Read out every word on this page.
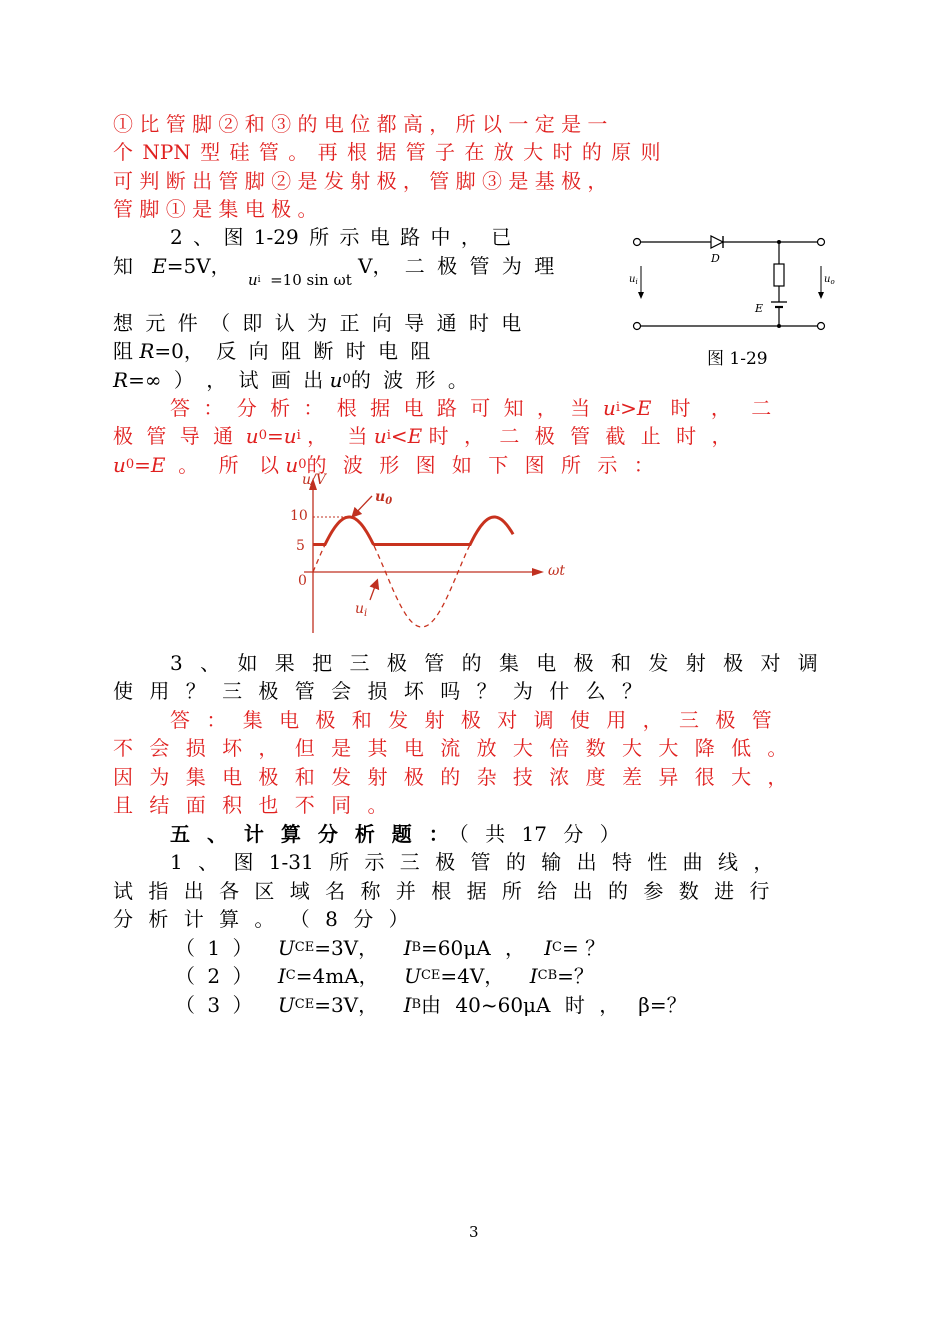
① 比 管 脚 ② 和 ③ 的 电 位 都 高 ， 所 以 一 定 是 一
个 NPN 型 硅 管 。 再 根 据 管 子 在 放 大 时 的 原 则
可 判 断 出 管 脚 ② 是 发 射 极 ， 管 脚 ③ 是 基 极 ，
管 脚 ① 是 集 电 极 。
2 、 图 1-29 所 示 电 路 中 ， 已
知
E =5V，
u i
=10 sin ωt
V， 二 极 管 为 理
想 元 件 （ 即 认 为 正 向 导 通 时 电
阻
R =0， 反 向 阻 断 时 电 阻
R =∞ ） ， 试 画 出
u 0 的 波 形 。
D
E
$u_i$	$u_o$
图 1-29
答 ： 分 析 ： 根 据 电 路 可 知 ， 当
u i >E
时 ， 二
极 管 导 通
u 0 =u i
， 当
u i <E
时 ， 二 极 管 截 止 时 ，
u 0 =E
。 所 以
u 0 的 波 形 图 如 下 图 所 示 ：
u/V
ωt
10
5
0
$u_0$
$u_i$
3 、 如 果 把 三 极 管 的 集 电 极 和 发 射 极 对 调
使 用 ？ 三 极 管 会 损 坏 吗 ？ 为 什 么 ？
答 ： 集 电 极 和 发 射 极 对 调 使 用 ， 三 极 管
不 会 损 坏 ， 但 是 其 电 流 放 大 倍 数 大 大 降 低 。
因 为 集 电 极 和 发 射 极 的 杂 技 浓 度 差 异 很 大 ，
且 结 面 积 也 不 同 。
五 、 计 算 分 析 题 ： （ 共 17 分 ）
1 、 图 1-31 所 示 三 极 管 的 输 出 特 性 曲 线 ，
试 指 出 各 区 域 名 称 并 根 据 所 给 出 的 参 数 进 行
分 析 计 算 。 （ 8 分 ）
（ 1 ）
U CE =3V，
I B =60μA ，
I C = ？
（ 2 ）
I C =4mA，
U CE =4V，
I CB =？
（ 3 ）
U CE =3V，
I B 由 40~60μA 时 ，
β=？
3
